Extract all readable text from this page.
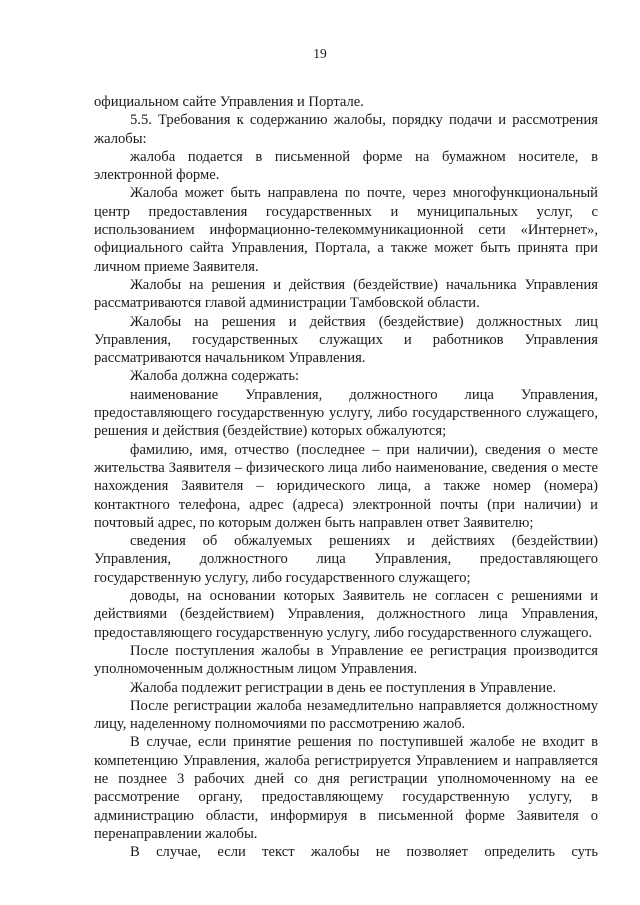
19

официальном сайте Управления и Портале.

5.5. Требования к содержанию жалобы, порядку подачи и рассмотрения жалобы:

жалоба подается в письменной форме на бумажном носителе, в электронной форме.

Жалоба может быть направлена по почте, через многофункциональный центр предоставления государственных и муниципальных услуг, с использованием информационно-телекоммуникационной сети «Интернет», официального сайта Управления, Портала, а также может быть принята при личном приеме Заявителя.

Жалобы на решения и действия (бездействие) начальника Управления рассматриваются главой администрации Тамбовской области.

Жалобы на решения и действия (бездействие) должностных лиц Управления, государственных служащих и работников Управления рассматриваются начальником Управления.

Жалоба должна содержать:

наименование Управления, должностного лица Управления, предоставляющего государственную услугу, либо государственного служащего, решения и действия (бездействие) которых обжалуются;

фамилию, имя, отчество (последнее – при наличии), сведения о месте жительства Заявителя – физического лица либо наименование, сведения о месте нахождения Заявителя – юридического лица, а также номер (номера) контактного телефона, адрес (адреса) электронной почты (при наличии) и почтовый адрес, по которым должен быть направлен ответ Заявителю;

сведения об обжалуемых решениях и действиях (бездействии) Управления, должностного лица Управления, предоставляющего государственную услугу, либо государственного служащего;

доводы, на основании которых Заявитель не согласен с решениями и действиями (бездействием) Управления, должностного лица Управления, предоставляющего государственную услугу, либо государственного служащего.

После поступления жалобы в Управление ее регистрация производится уполномоченным должностным лицом Управления.

Жалоба подлежит регистрации в день ее поступления в Управление.

После регистрации жалоба незамедлительно направляется должностному лицу, наделенному полномочиями по рассмотрению жалоб.

В случае, если принятие решения по поступившей жалобе не входит в компетенцию Управления, жалоба регистрируется Управлением и направляется не позднее 3 рабочих дней со дня регистрации уполномоченному на ее рассмотрение органу, предоставляющему государственную услугу, в администрацию области, информируя в письменной форме Заявителя о перенаправлении жалобы.

В случае, если текст жалобы не позволяет определить суть
